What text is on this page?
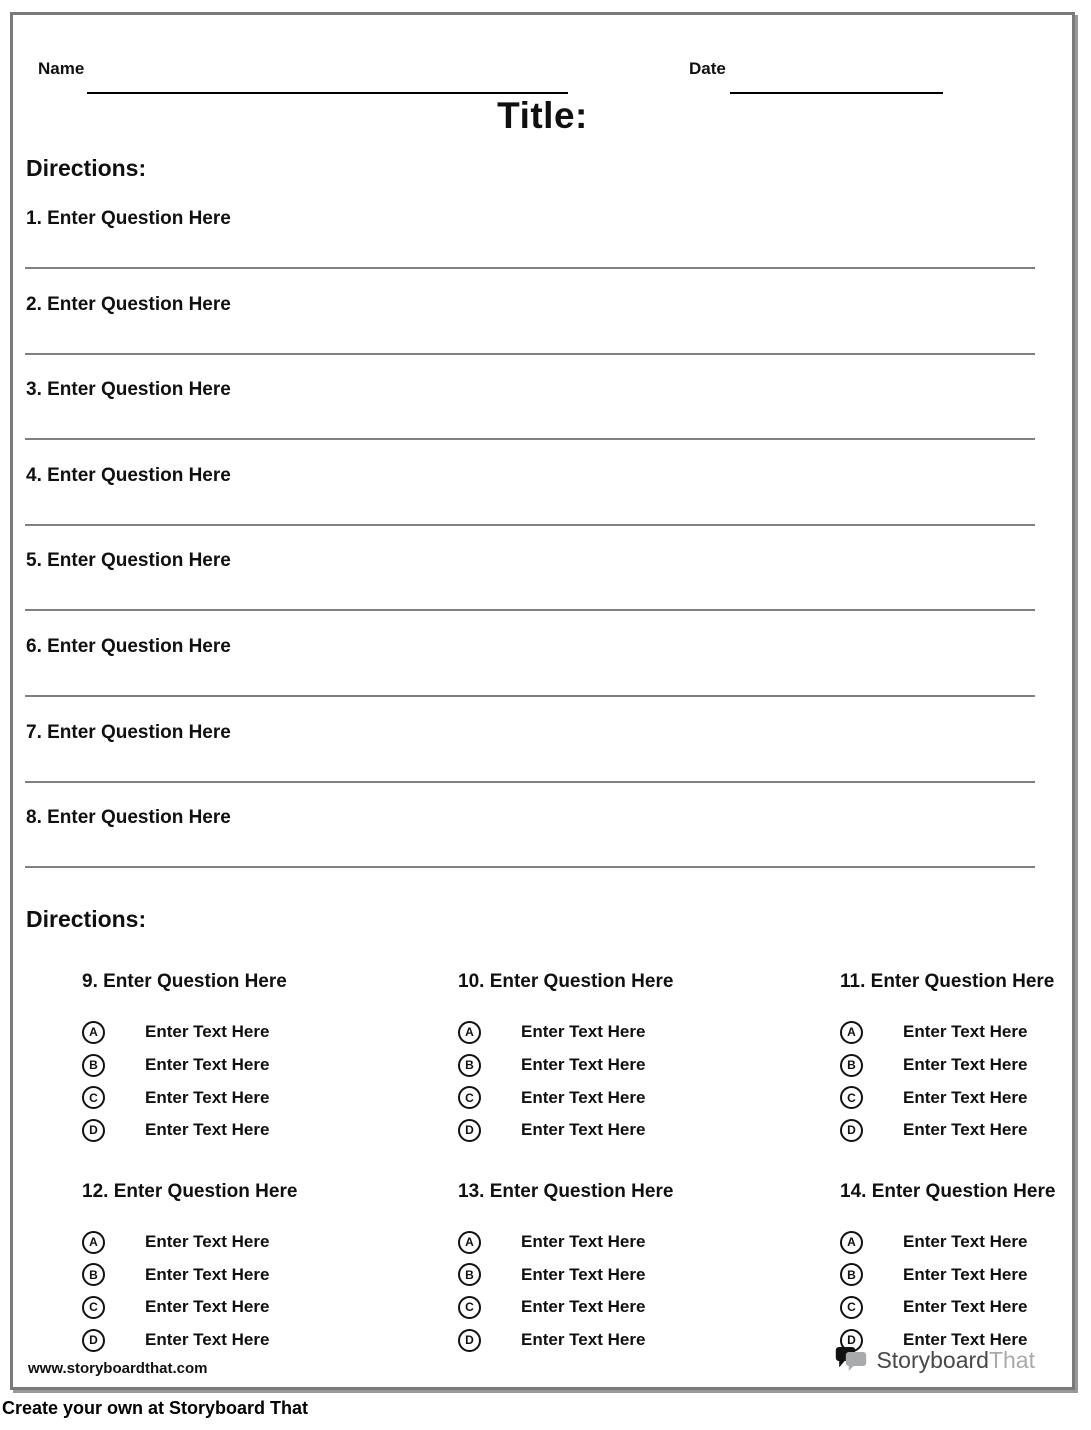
Name	Date
Title:
Directions:
1. Enter Question Here
2. Enter Question Here
3. Enter Question Here
4. Enter Question Here
5. Enter Question Here
6. Enter Question Here
7. Enter Question Here
8. Enter Question Here
Directions:
9. Enter Question Here
A	Enter Text Here
B	Enter Text Here
C	Enter Text Here
D	Enter Text Here
10. Enter Question Here
A	Enter Text Here
B	Enter Text Here
C	Enter Text Here
D	Enter Text Here
11. Enter Question Here
A	Enter Text Here
B	Enter Text Here
C	Enter Text Here
D	Enter Text Here
12. Enter Question Here
A	Enter Text Here
B	Enter Text Here
C	Enter Text Here
D	Enter Text Here
13. Enter Question Here
A	Enter Text Here
B	Enter Text Here
C	Enter Text Here
D	Enter Text Here
14. Enter Question Here
A	Enter Text Here
B	Enter Text Here
C	Enter Text Here
D	Enter Text Here
www.storyboardthat.com	StoryboardThat
Create your own at Storyboard That
